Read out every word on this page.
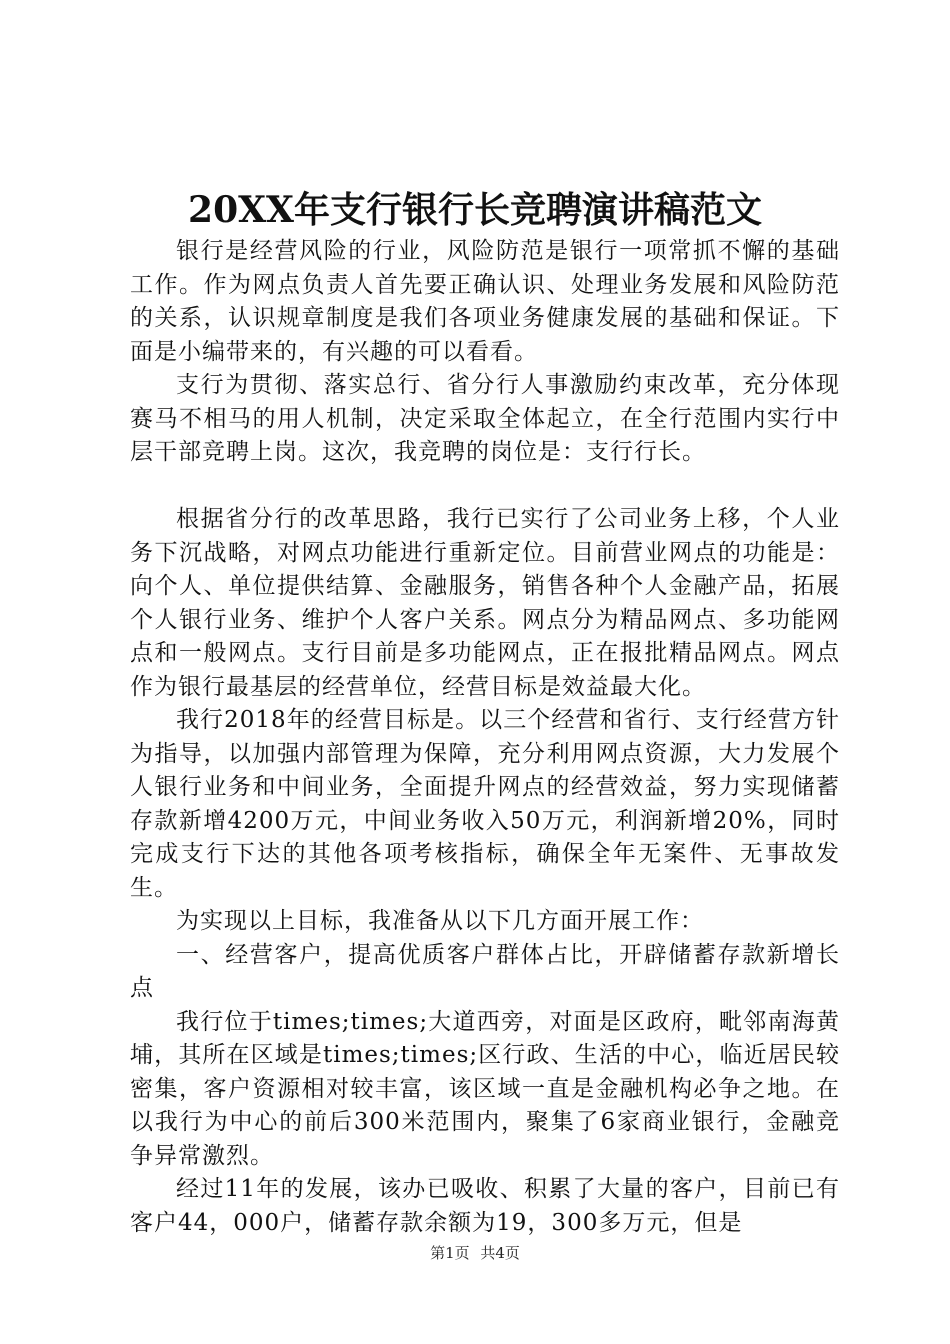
20XX年支行银行长竞聘演讲稿范文

银行是经营风险的行业，风险防范是银行一项常抓不懈的基础工作。作为网点负责人首先要正确认识、处理业务发展和风险防范的关系，认识规章制度是我们各项业务健康发展的基础和保证。下面是小编带来的，有兴趣的可以看看。

支行为贯彻、落实总行、省分行人事激励约束改革，充分体现赛马不相马的用人机制，决定采取全体起立，在全行范围内实行中层干部竞聘上岗。这次，我竞聘的岗位是：支行行长。

根据省分行的改革思路，我行已实行了公司业务上移，个人业务下沉战略，对网点功能进行重新定位。目前营业网点的功能是：向个人、单位提供结算、金融服务，销售各种个人金融产品，拓展个人银行业务、维护个人客户关系。网点分为精品网点、多功能网点和一般网点。支行目前是多功能网点，正在报批精品网点。网点作为银行最基层的经营单位，经营目标是效益最大化。

我行2018年的经营目标是。以三个经营和省行、支行经营方针为指导，以加强内部管理为保障，充分利用网点资源，大力发展个人银行业务和中间业务，全面提升网点的经营效益，努力实现储蓄存款新增4200万元，中间业务收入50万元，利润新增20%，同时完成支行下达的其他各项考核指标，确保全年无案件、无事故发生。

为实现以上目标，我准备从以下几方面开展工作：

一、经营客户，提高优质客户群体占比，开辟储蓄存款新增长点

我行位于times;times;大道西旁，对面是区政府，毗邻南海黄埔，其所在区域是times;times;区行政、生活的中心，临近居民较密集，客户资源相对较丰富，该区域一直是金融机构必争之地。在以我行为中心的前后300米范围内，聚集了6家商业银行，金融竞争异常激烈。

经过11年的发展，该办已吸收、积累了大量的客户，目前已有客户44，000户，储蓄存款余额为19，300多万元，但是

第1页 共4页
